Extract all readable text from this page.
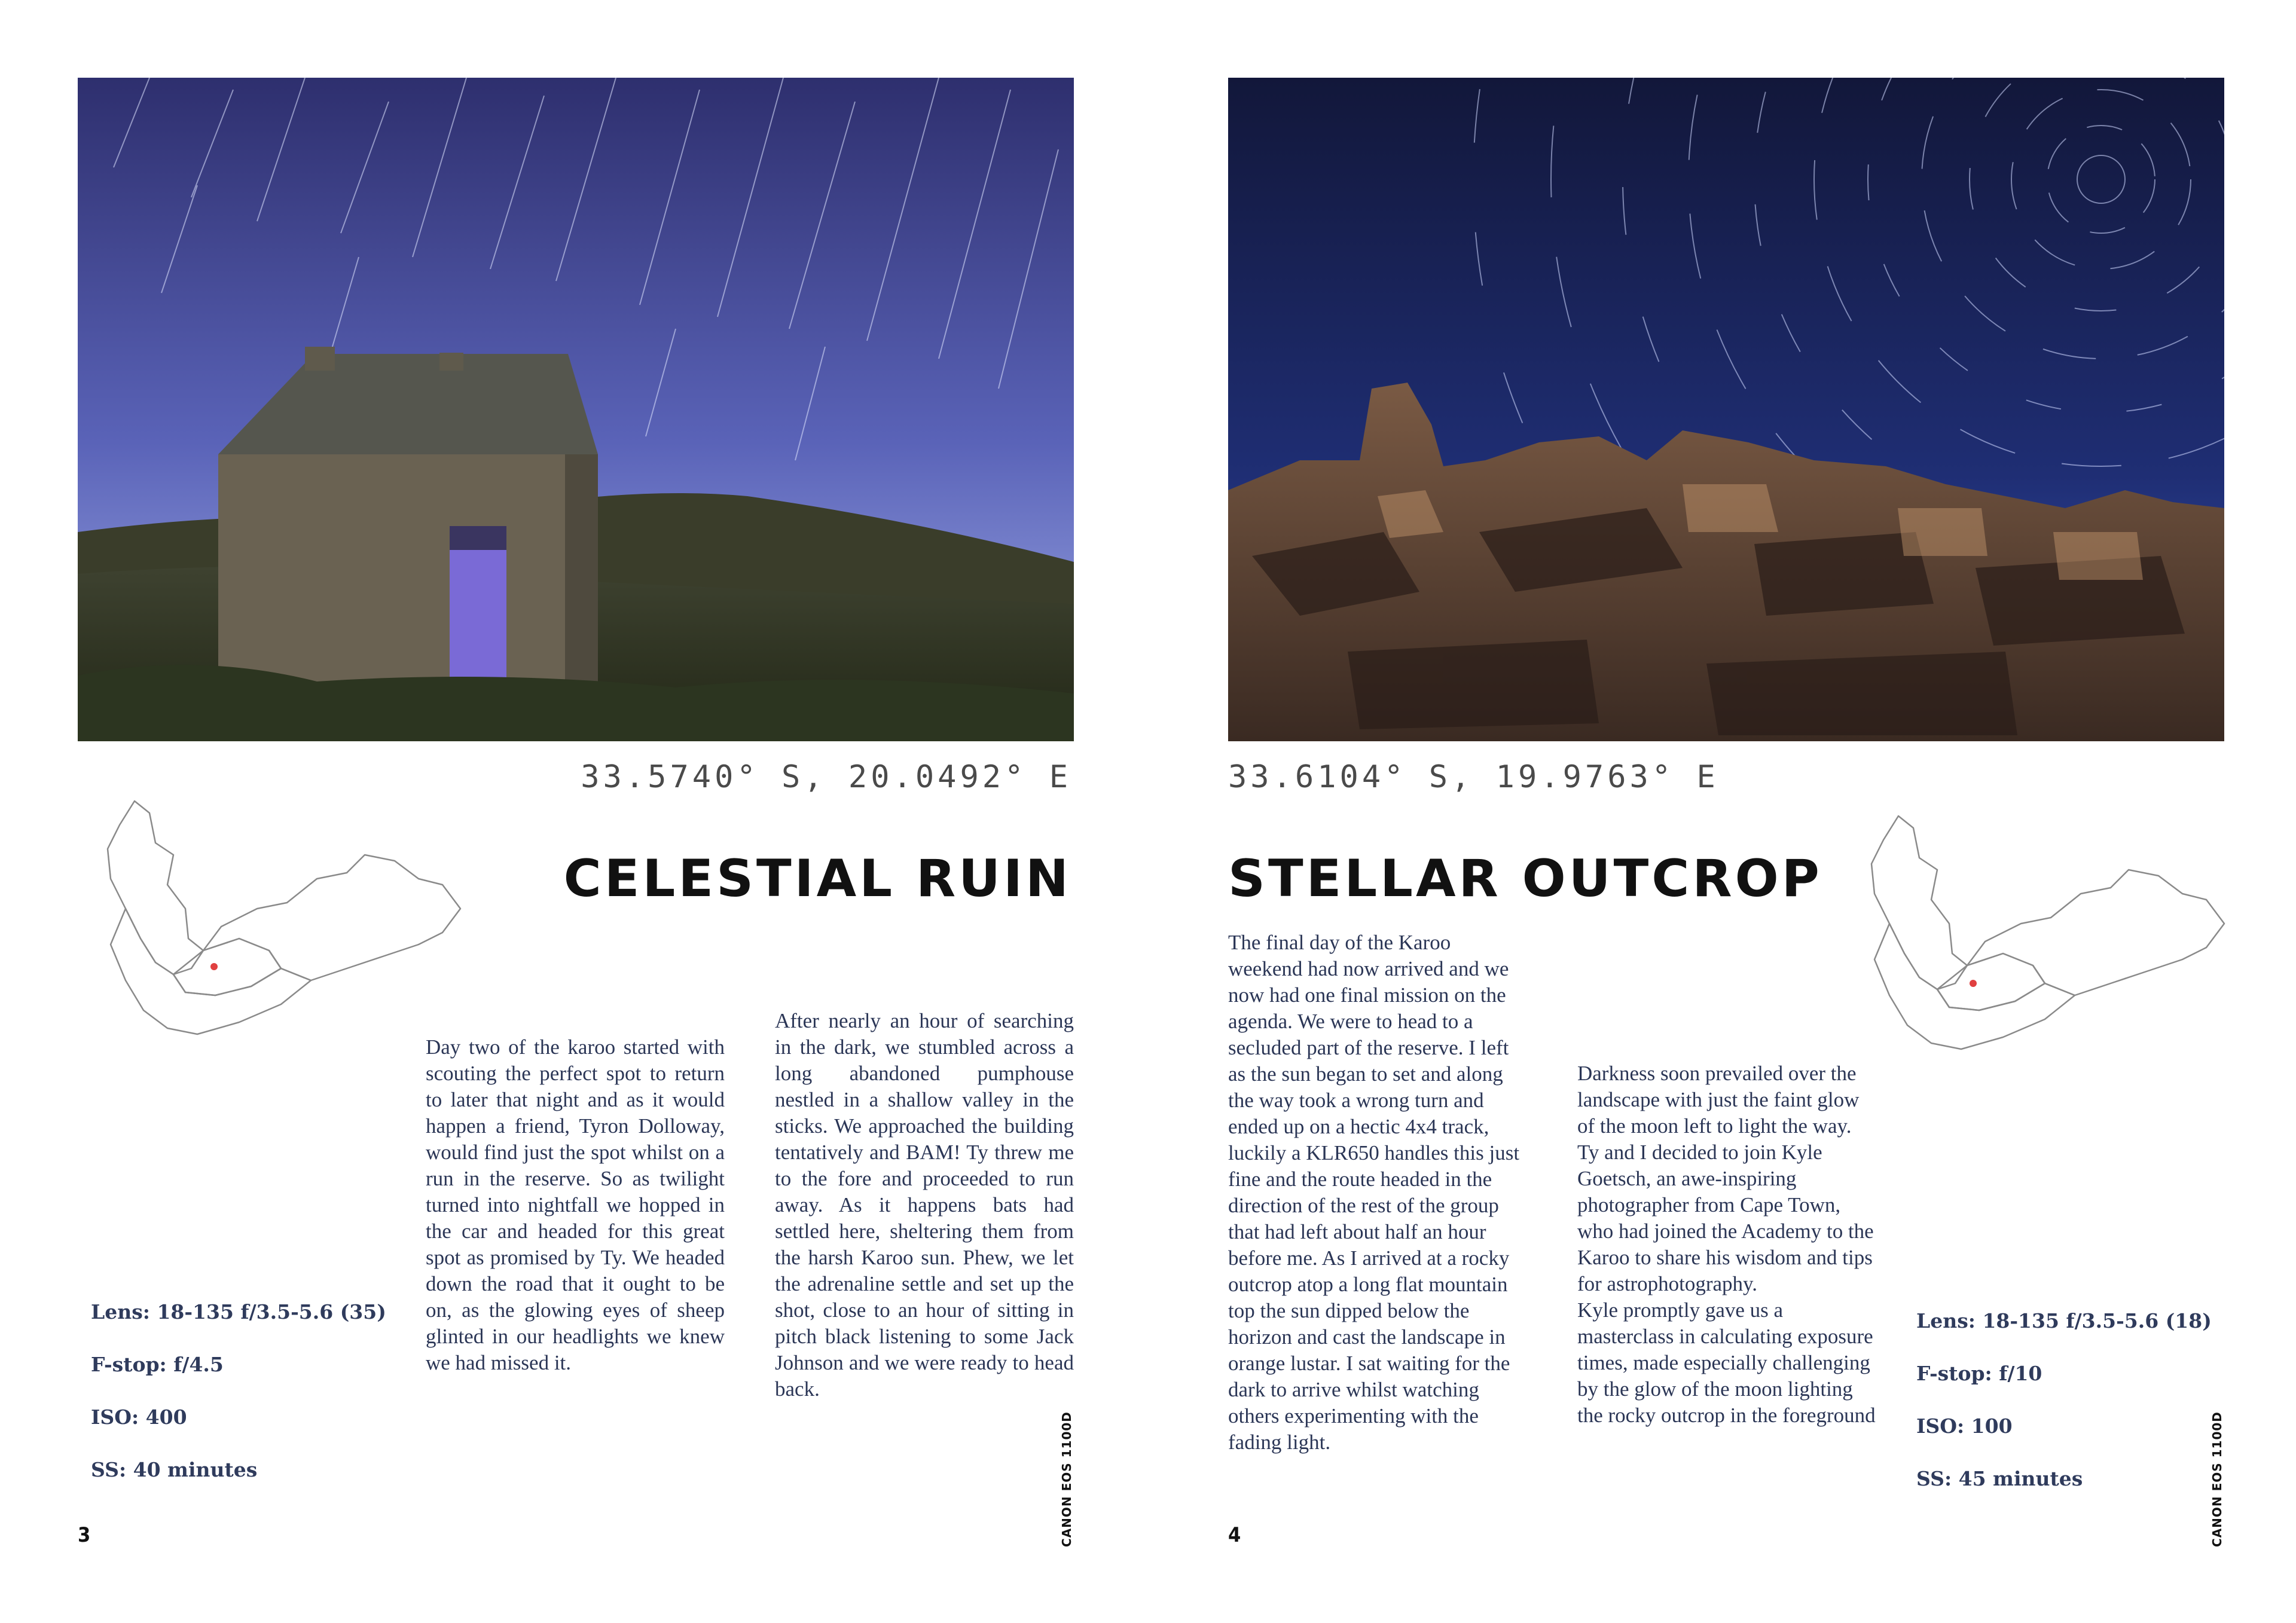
33.5740° S, 20.0492° E
CELESTIAL RUIN

Day two of the karoo started with scouting the perfect spot to return to later that night and as it would happen a friend, Tyron Dolloway, would find just the spot whilst on a run in the reserve. So as twilight turned into nightfall we hopped in the car and headed for this great spot as promised by Ty. We headed down the road that it ought to be on, as the glowing eyes of sheep glinted in our headlights we knew we had missed it.

After nearly an hour of searching in the dark, we stumbled across a long abandoned pumphouse nestled in a shallow valley in the sticks. We approached the building tentatively and BAM! Ty threw me to the fore and proceeded to run away. As it happens bats had settled here, sheltering them from the harsh Karoo sun. Phew, we let the adrenaline settle and set up the shot, close to an hour of sitting in pitch black listening to some Jack Johnson and we were ready to head back.

Lens: 18-135 f/3.5-5.6 (35)
F-stop: f/4.5
ISO: 400
SS: 40 minutes
3	CANON EOS 1100D
33.6104° S, 19.9763° E
STELLAR OUTCROP

The final day of the Karoo weekend had now arrived and we now had one final mission on the agenda. We were to head to a secluded part of the reserve. I left as the sun began to set and along the way took a wrong turn and ended up on a hectic 4x4 track, luckily a KLR650 handles this just fine and the route headed in the direction of the rest of the group that had left about half an hour before me. As I arrived at a rocky outcrop atop a long flat mountain top the sun dipped below the horizon and cast the landscape in orange lustar. I sat waiting for the dark to arrive whilst watching others experimenting with the fading light.

Darkness soon prevailed over the landscape with just the faint glow of the moon left to light the way. Ty and I decided to join Kyle Goetsch, an awe-inspiring photographer from Cape Town, who had joined the Academy to the Karoo to share his wisdom and tips for astrophotography.
Kyle promptly gave us a masterclass in calculating exposure times, made especially challenging by the glow of the moon lighting the rocky outcrop in the foreground

Lens: 18-135 f/3.5-5.6 (18)
F-stop: f/10
ISO: 100
SS: 45 minutes
4	CANON EOS 1100D
